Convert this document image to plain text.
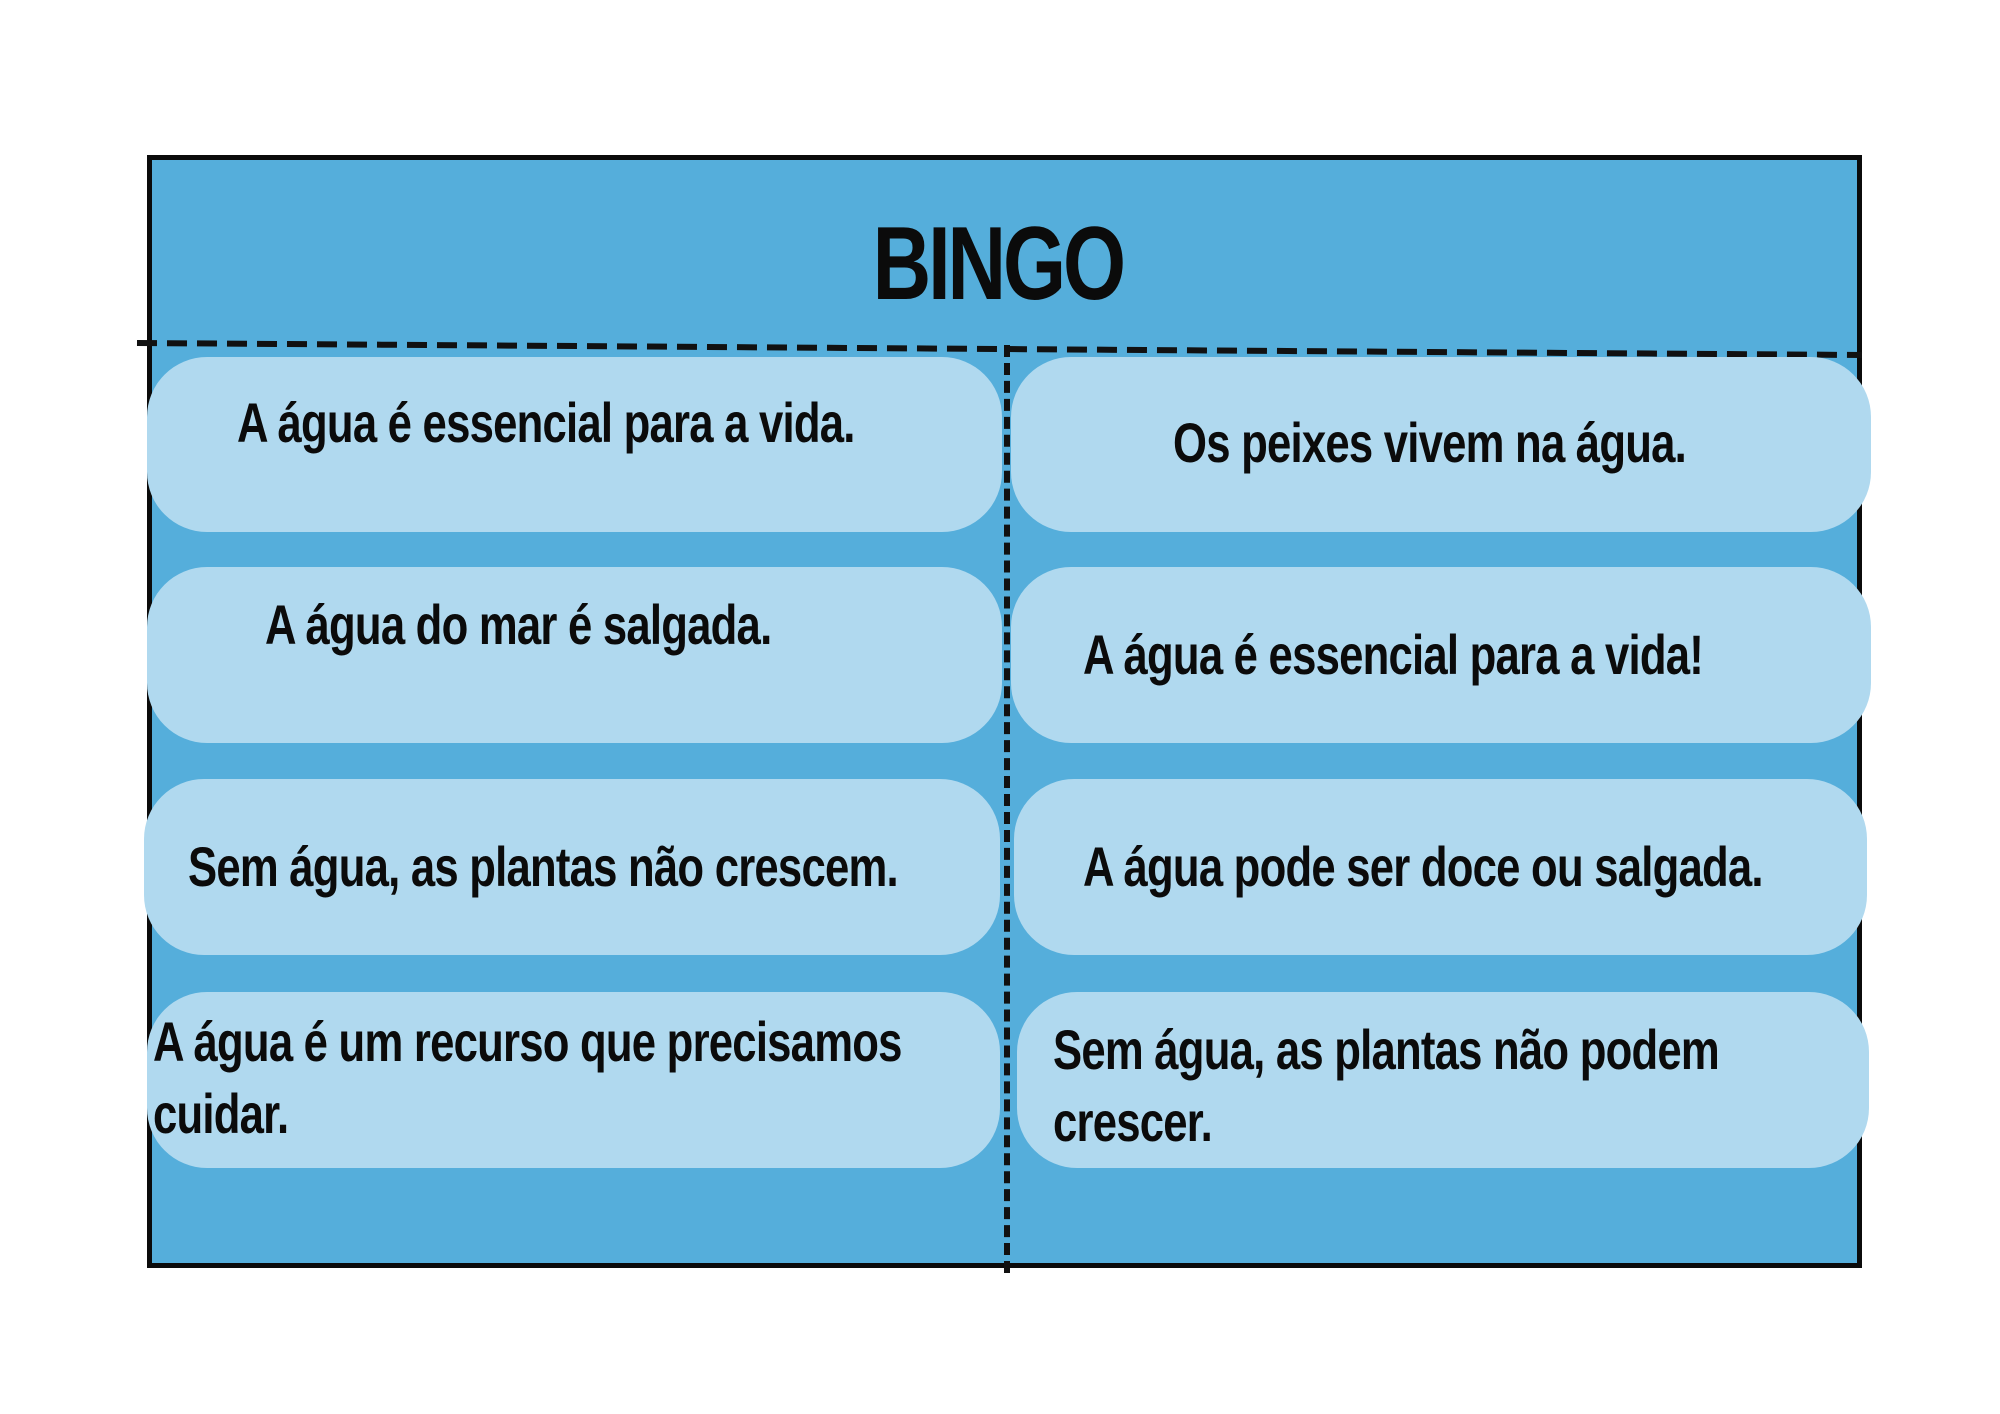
BINGO
A água é essencial para a vida.
A água do mar é salgada.
Sem água, as plantas não crescem.
A água é um recurso que precisamos
cuidar.
Os peixes vivem na água.
A água é essencial para a vida!
A água pode ser doce ou salgada.
Sem água, as plantas não podem
crescer.
